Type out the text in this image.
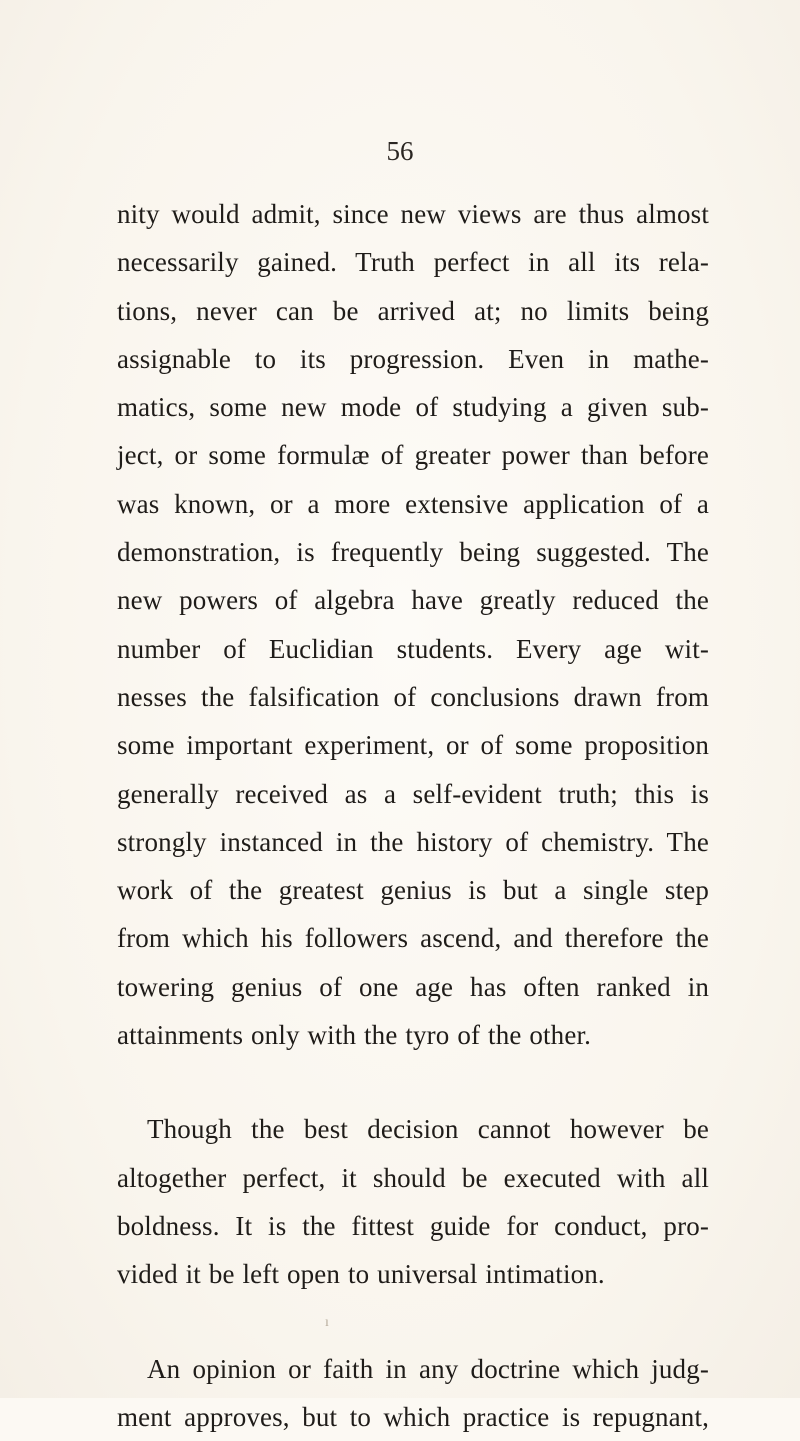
56
nity would admit, since new views are thus almost
necessarily gained. Truth perfect in all its rela-
tions, never can be arrived at; no limits being
assignable to its progression. Even in mathe-
matics, some new mode of studying a given sub-
ject, or some formulæ of greater power than before
was known, or a more extensive application of a
demonstration, is frequently being suggested. The
new powers of algebra have greatly reduced the
number of Euclidian students. Every age wit-
nesses the falsification of conclusions drawn from
some important experiment, or of some proposition
generally received as a self-evident truth; this is
strongly instanced in the history of chemistry. The
work of the greatest genius is but a single step
from which his followers ascend, and therefore the
towering genius of one age has often ranked in
attainments only with the tyro of the other.
Though the best decision cannot however be
altogether perfect, it should be executed with all
boldness. It is the fittest guide for conduct, pro-
vided it be left open to universal intimation.
An opinion or faith in any doctrine which judg-
ment approves, but to which practice is repugnant,
ı
